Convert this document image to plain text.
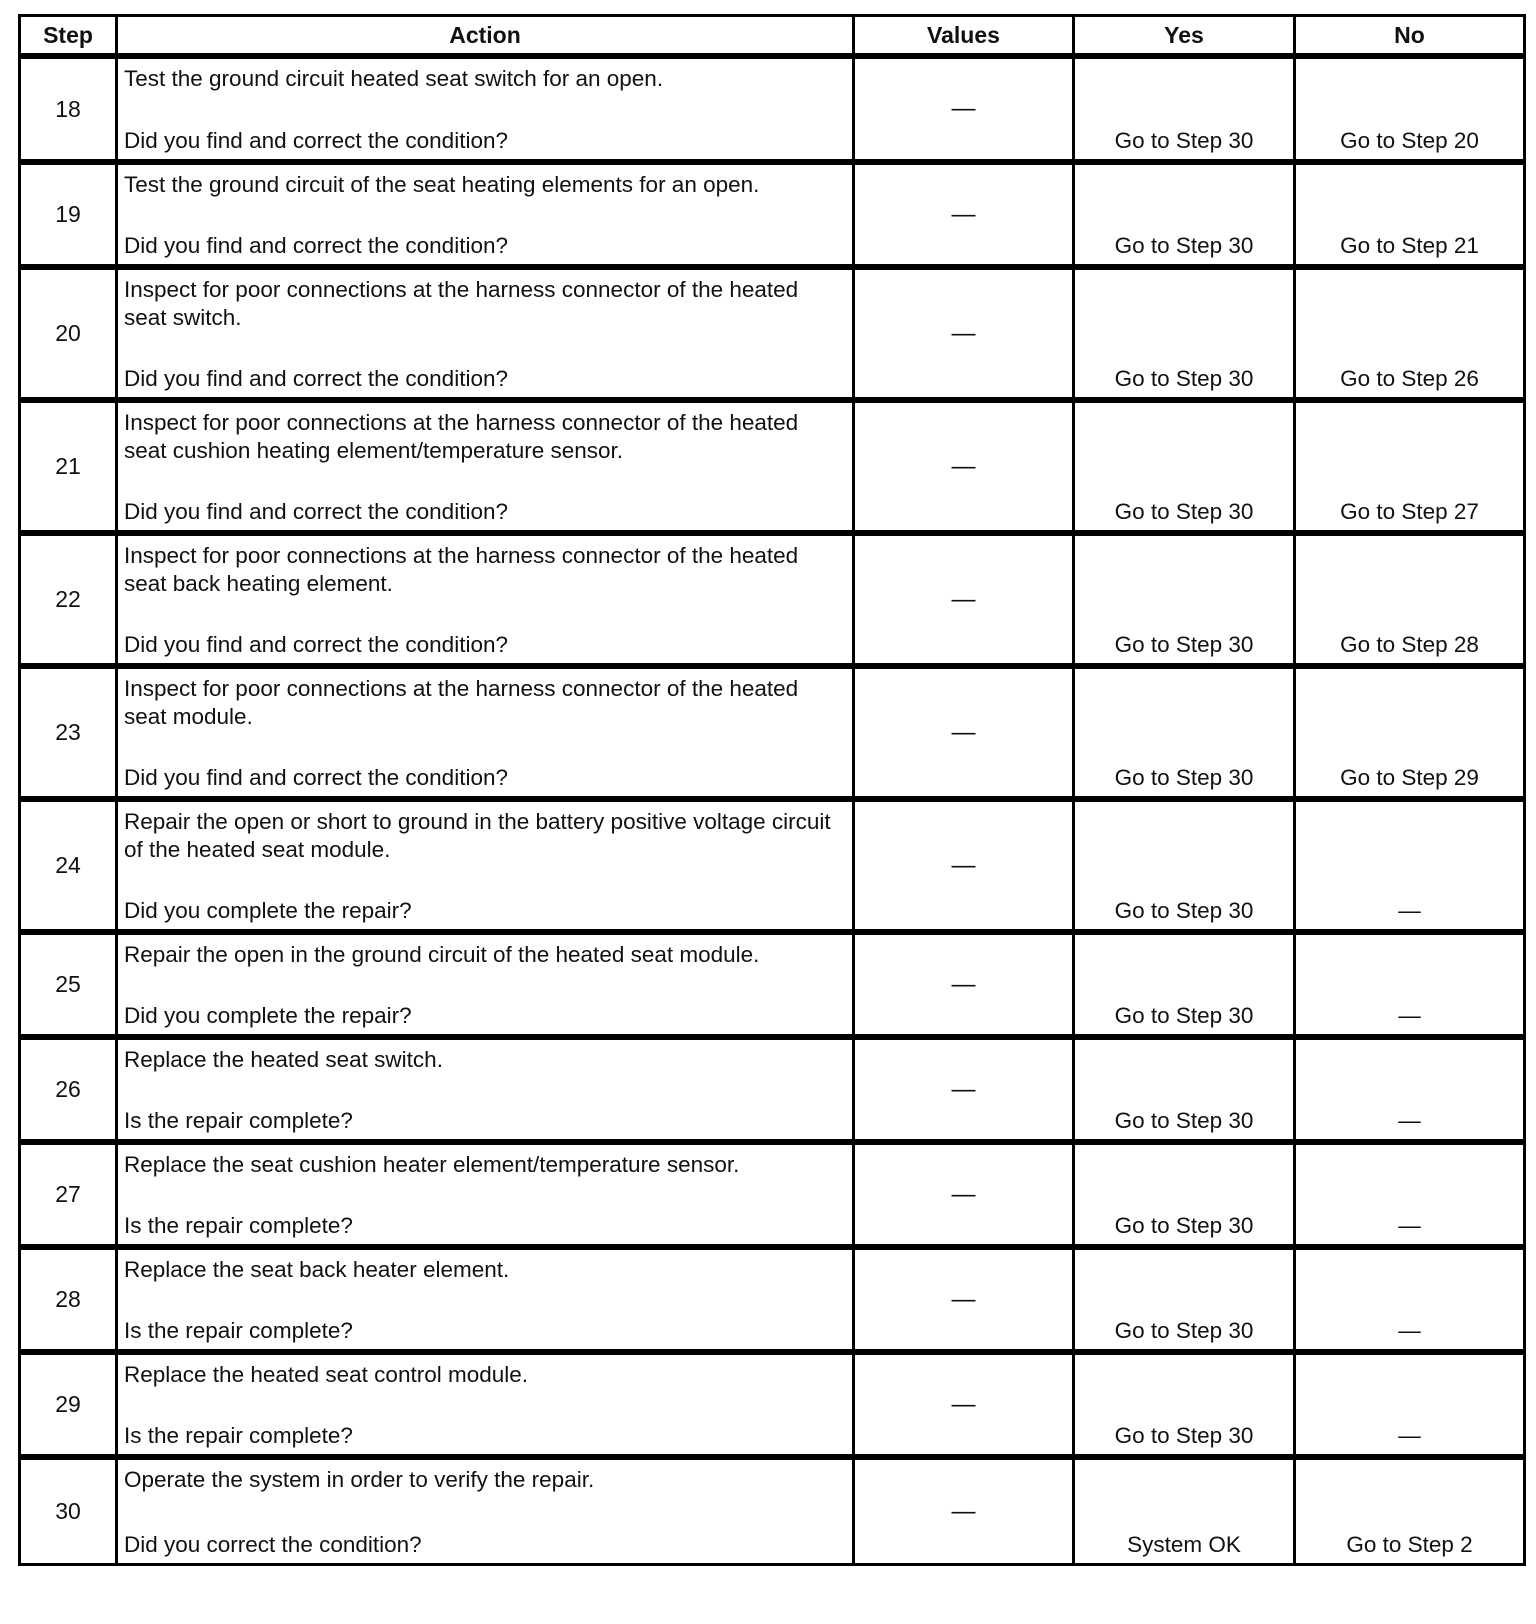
Step	Action	Values	Yes	No
18	Test the ground circuit heated seat switch for an open.
Did you find and correct the condition?	—	Go to Step 30	Go to Step 20
19	Test the ground circuit of the seat heating elements for an open.
Did you find and correct the condition?	—	Go to Step 30	Go to Step 21
20	Inspect for poor connections at the harness connector of the heated seat switch.
Did you find and correct the condition?	—	Go to Step 30	Go to Step 26
21	Inspect for poor connections at the harness connector of the heated seat cushion heating element/temperature sensor.
Did you find and correct the condition?	—	Go to Step 30	Go to Step 27
22	Inspect for poor connections at the harness connector of the heated seat back heating element.
Did you find and correct the condition?	—	Go to Step 30	Go to Step 28
23	Inspect for poor connections at the harness connector of the heated seat module.
Did you find and correct the condition?	—	Go to Step 30	Go to Step 29
24	Repair the open or short to ground in the battery positive voltage circuit of the heated seat module.
Did you complete the repair?	—	Go to Step 30	—
25	Repair the open in the ground circuit of the heated seat module.
Did you complete the repair?	—	Go to Step 30	—
26	Replace the heated seat switch.
Is the repair complete?	—	Go to Step 30	—
27	Replace the seat cushion heater element/temperature sensor.
Is the repair complete?	—	Go to Step 30	—
28	Replace the seat back heater element.
Is the repair complete?	—	Go to Step 30	—
29	Replace the heated seat control module.
Is the repair complete?	—	Go to Step 30	—
30	Operate the system in order to verify the repair.
Did you correct the condition?	—	System OK	Go to Step 2
